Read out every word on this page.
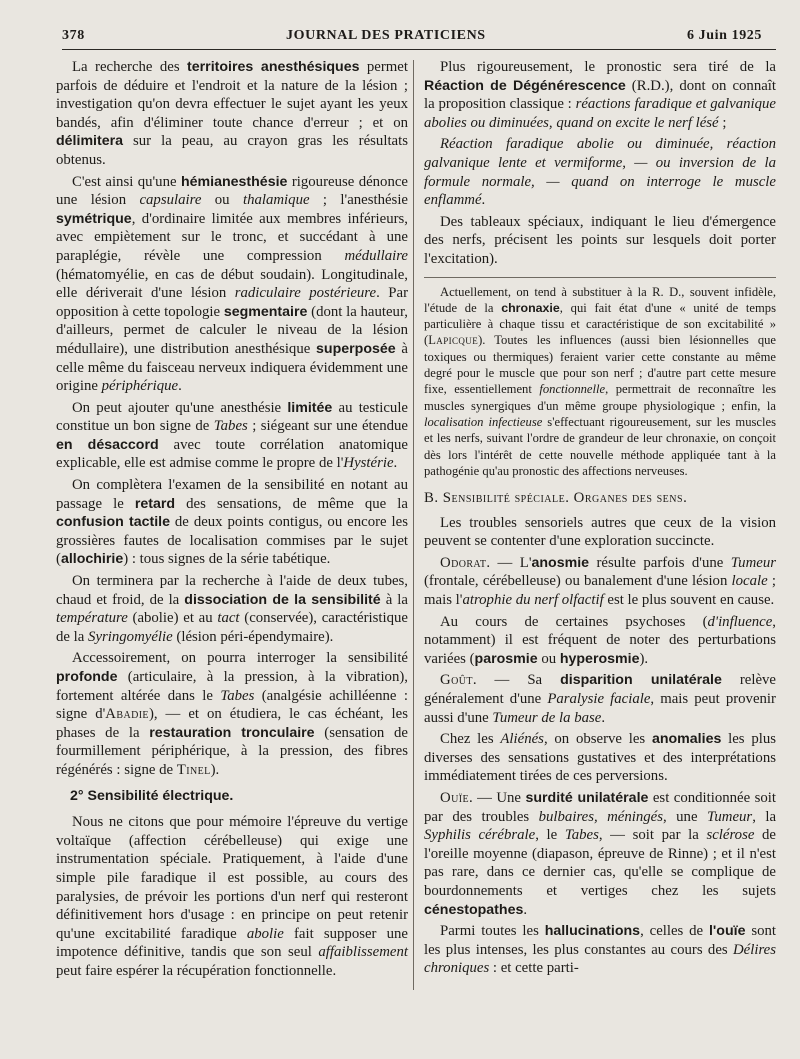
378	JOURNAL DES PRATICIENS	6 Juin 1925

La recherche des territoires anesthésiques permet parfois de déduire et l'endroit et la nature de la lésion ; investigation qu'on devra effectuer le sujet ayant les yeux bandés, afin d'éliminer toute chance d'erreur ; et on délimitera sur la peau, au crayon gras les résultats obtenus.

C'est ainsi qu'une hémianesthésie rigoureuse dénonce une lésion capsulaire ou thalamique ; l'anesthésie symétrique, d'ordinaire limitée aux membres inférieurs, avec empiètement sur le tronc, et succédant à une paraplégie, révèle une compression médullaire (hématomyélie, en cas de début soudain). Longitudinale, elle dériverait d'une lésion radiculaire postérieure. Par opposition à cette topologie segmentaire (dont la hauteur, d'ailleurs, permet de calculer le niveau de la lésion médullaire), une distribution anesthésique superposée à celle même du faisceau nerveux indiquera évidemment une origine périphérique.

On peut ajouter qu'une anesthésie limitée au testicule constitue un bon signe de Tabes ; siégeant sur une étendue en désaccord avec toute corrélation anatomique explicable, elle est admise comme le propre de l'Hystérie.

On complètera l'examen de la sensibilité en notant au passage le retard des sensations, de même que la confusion tactile de deux points contigus, ou encore les grossières fautes de localisation commises par le sujet (allochirie) : tous signes de la série tabétique.

On terminera par la recherche à l'aide de deux tubes, chaud et froid, de la dissociation de la sensibilité à la température (abolie) et au tact (conservée), caractéristique de la Syringomyélie (lésion péri-épendymaire).

Accessoirement, on pourra interroger la sensibilité profonde (articulaire, à la pression, à la vibration), fortement altérée dans le Tabes (analgésie achilléenne : signe d'Abadie), — et on étudiera, le cas échéant, les phases de la restauration tronculaire (sensation de fourmillement périphérique, à la pression, des fibres régénérés : signe de Tinel).

2° Sensibilité électrique.

Nous ne citons que pour mémoire l'épreuve du vertige voltaïque (affection cérébelleuse) qui exige une instrumentation spéciale. Pratiquement, à l'aide d'une simple pile faradique il est possible, au cours des paralysies, de prévoir les portions d'un nerf qui resteront définitivement hors d'usage : en principe on peut retenir qu'une excitabilité faradique abolie fait supposer une impotence définitive, tandis que son seul affaiblissement peut faire espérer la récupération fonctionnelle.

Plus rigoureusement, le pronostic sera tiré de la Réaction de Dégénérescence (R.D.), dont on connaît la proposition classique : réactions faradique et galvanique abolies ou diminuées, quand on excite le nerf lésé ;

Réaction faradique abolie ou diminuée, réaction galvanique lente et vermiforme, — ou inversion de la formule normale, — quand on interroge le muscle enflammé.

Des tableaux spéciaux, indiquant le lieu d'émergence des nerfs, précisent les points sur lesquels doit porter l'excitation).

Actuellement, on tend à substituer à la R. D., souvent infidèle, l'étude de la chronaxie, qui fait état d'une « unité de temps particulière à chaque tissu et caractéristique de son excitabilité » (Lapicque). Toutes les influences (aussi bien lésionnelles que toxiques ou thermiques) feraient varier cette constante au même degré pour le muscle que pour son nerf ; d'autre part cette mesure fixe, essentiellement fonctionnelle, permettrait de reconnaître les muscles synergiques d'un même groupe physiologique ; enfin, la localisation infectieuse s'effectuant rigoureusement, sur les muscles et les nerfs, suivant l'ordre de grandeur de leur chronaxie, on conçoit dès lors l'intérêt de cette nouvelle méthode appliquée tant à la pathogénie qu'au pronostic des affections nerveuses.

B. Sensibilité spéciale. Organes des sens.

Les troubles sensoriels autres que ceux de la vision peuvent se contenter d'une exploration succincte.

Odorat. — L'anosmie résulte parfois d'une Tumeur (frontale, cérébelleuse) ou banalement d'une lésion locale ; mais l'atrophie du nerf olfactif est le plus souvent en cause.

Au cours de certaines psychoses (d'influence, notamment) il est fréquent de noter des perturbations variées (parosmie ou hyperosmie).

Goût. — Sa disparition unilatérale relève généralement d'une Paralysie faciale, mais peut provenir aussi d'une Tumeur de la base.

Chez les Aliénés, on observe les anomalies les plus diverses des sensations gustatives et des interprétations immédiatement tirées de ces perversions.

Ouïe. — Une surdité unilatérale est conditionnée soit par des troubles bulbaires, méningés, une Tumeur, la Syphilis cérébrale, le Tabes, — soit par la sclérose de l'oreille moyenne (diapason, épreuve de Rinne) ; et il n'est pas rare, dans ce dernier cas, qu'elle se complique de bourdonnements et vertiges chez les sujets cénestopathes.

Parmi toutes les hallucinations, celles de l'ouïe sont les plus intenses, les plus constantes au cours des Délires chroniques : et cette parti-
